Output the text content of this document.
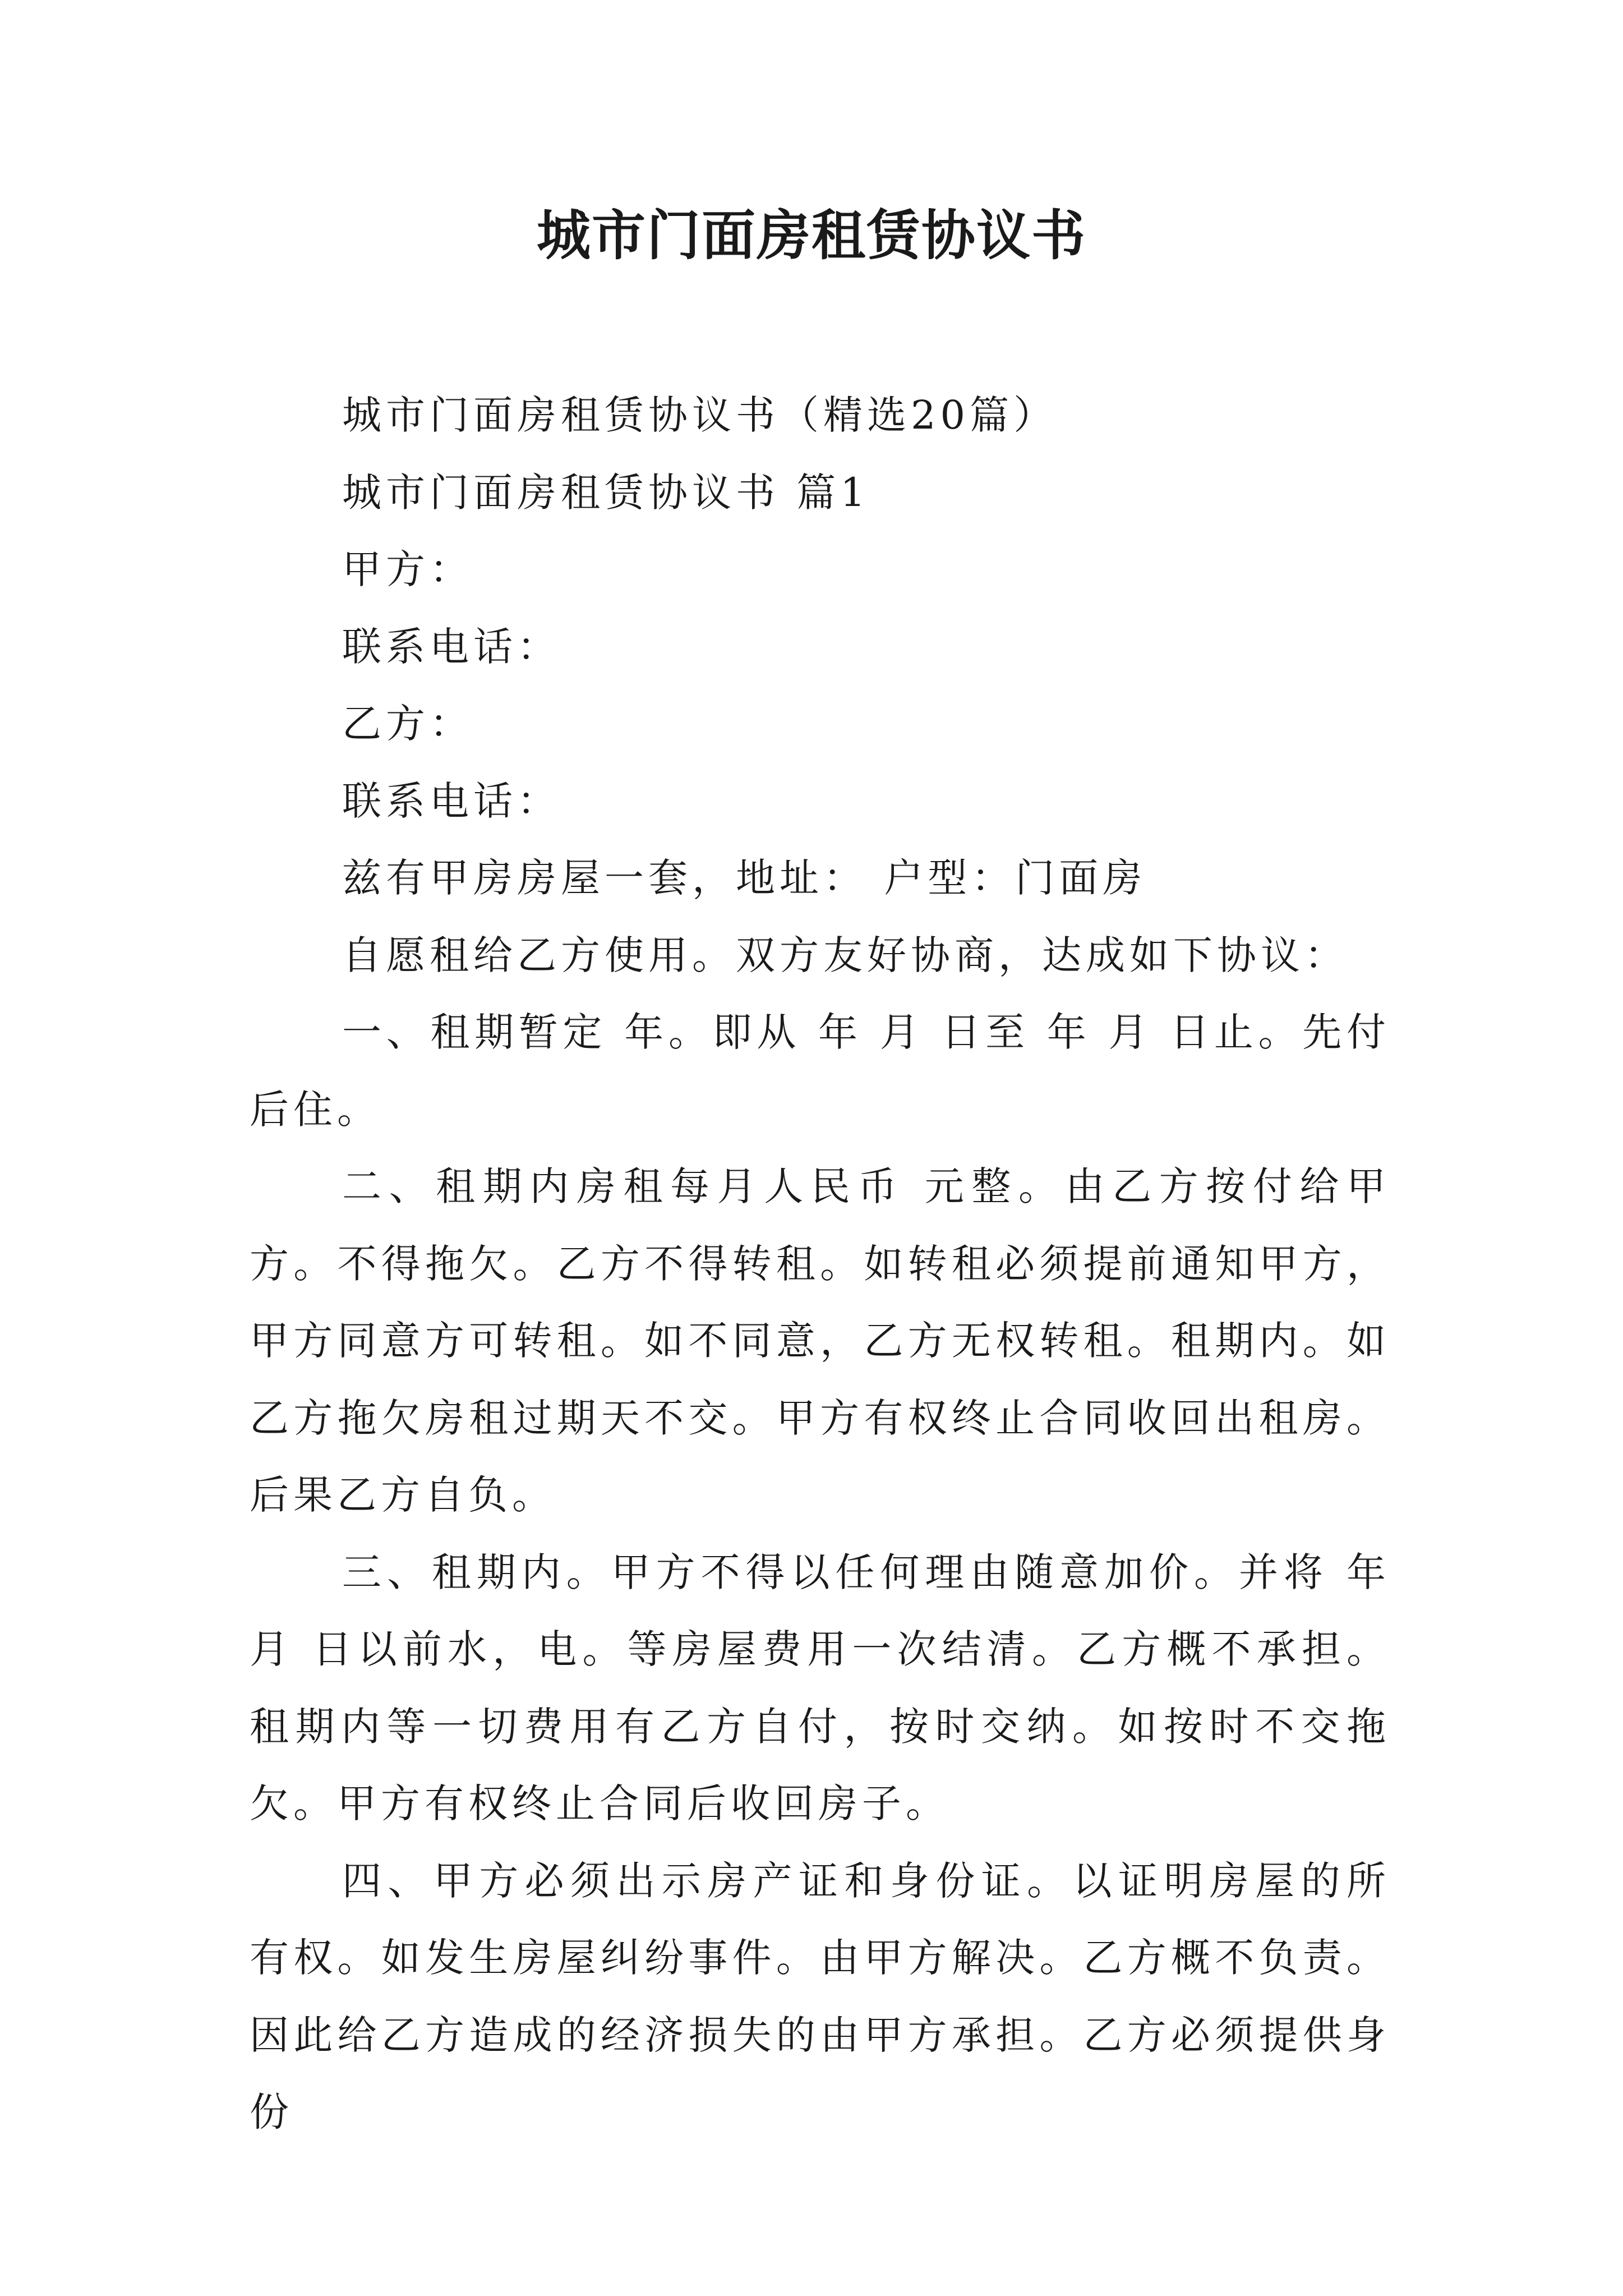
城市门面房租赁协议书

城市门面房租赁协议书（精选20篇）

城市门面房租赁协议书 篇1

甲方：

联系电话：

乙方：

联系电话：

兹有甲房房屋一套，地址： 户型：门面房

自愿租给乙方使用。双方友好协商，达成如下协议：

一、租期暂定 年。即从 年 月 日至 年 月 日止。先付后住。

二、租期内房租每月人民币 元整。由乙方按付给甲方。不得拖欠。乙方不得转租。如转租必须提前通知甲方，甲方同意方可转租。如不同意，乙方无权转租。租期内。如乙方拖欠房租过期天不交。甲方有权终止合同收回出租房。后果乙方自负。

三、租期内。甲方不得以任何理由随意加价。并将 年 月 日以前水，电。等房屋费用一次结清。乙方概不承担。租期内等一切费用有乙方自付，按时交纳。如按时不交拖欠。甲方有权终止合同后收回房子。

四、甲方必须出示房产证和身份证。以证明房屋的所有权。如发生房屋纠纷事件。由甲方解决。乙方概不负责。因此给乙方造成的经济损失的由甲方承担。乙方必须提供身份
